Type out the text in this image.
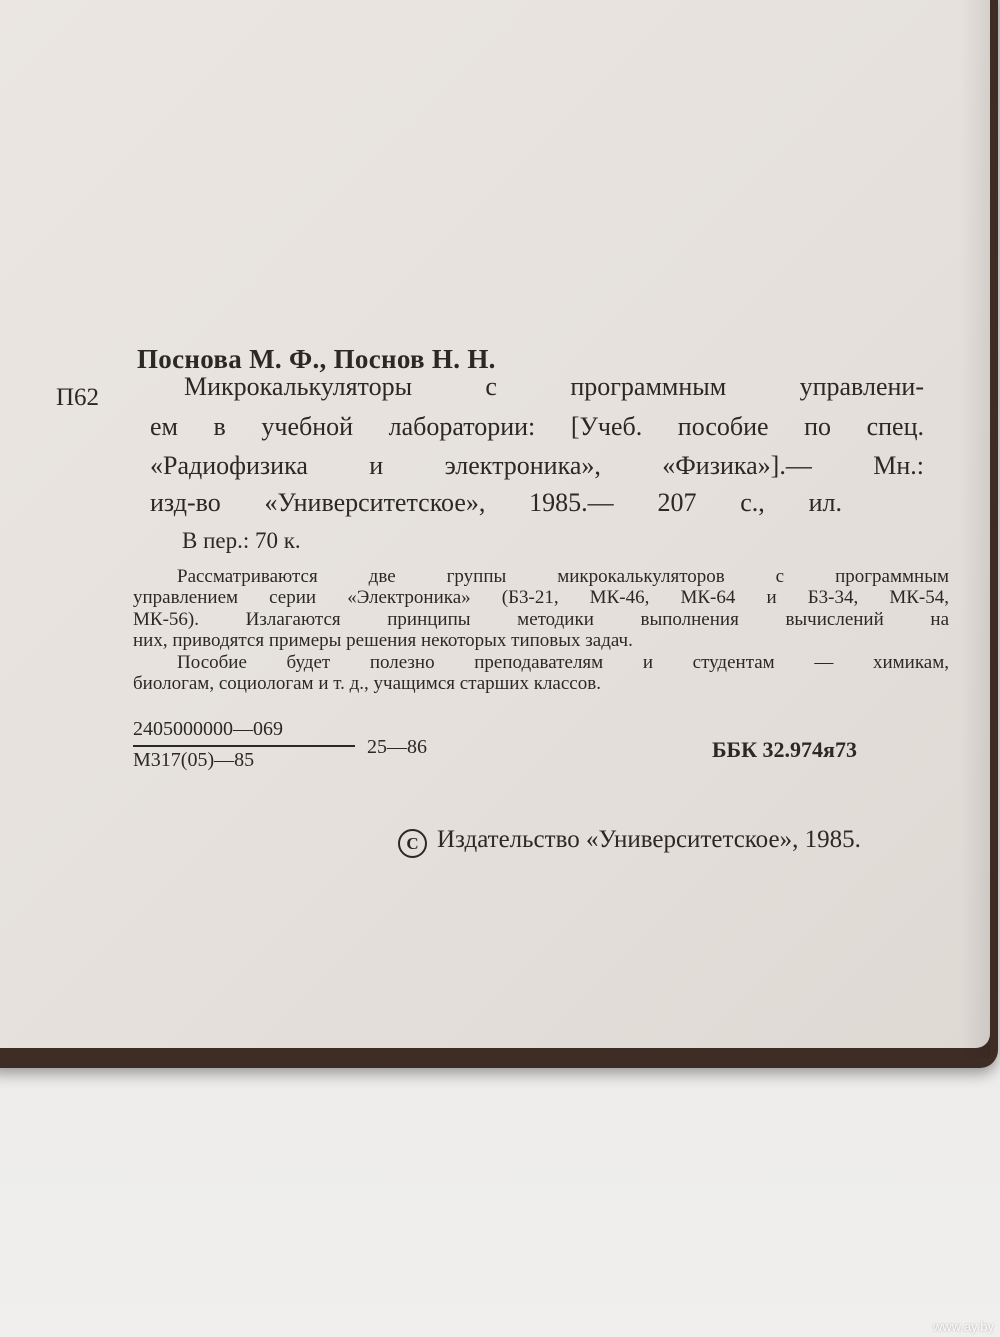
Поснова М. Ф., Поснов Н. Н.
П62	Микрокалькуляторы с программным управлени-
ем в учебной лаборатории: [Учеб. пособие по спец.
«Радиофизика и электроника», «Физика»].— Мн.:
изд-во «Университетское», 1985.— 207 с., ил.
В пер.: 70 к.
Рассматриваются две группы микрокалькуляторов с программным
управлением серии «Электроника» (Б3-21, МК-46, МК-64 и Б3-34, МК-54,
МК-56). Излагаются принципы методики выполнения вычислений на
них, приводятся примеры решения некоторых типовых задач.
Пособие будет полезно преподавателям и студентам — химикам,
биологам, социологам и т. д., учащимся старших классов.
2405000000—069
М317(05)—85
25—86	ББК 32.974я73
C Издательство «Университетское», 1985.
www.ay.by
